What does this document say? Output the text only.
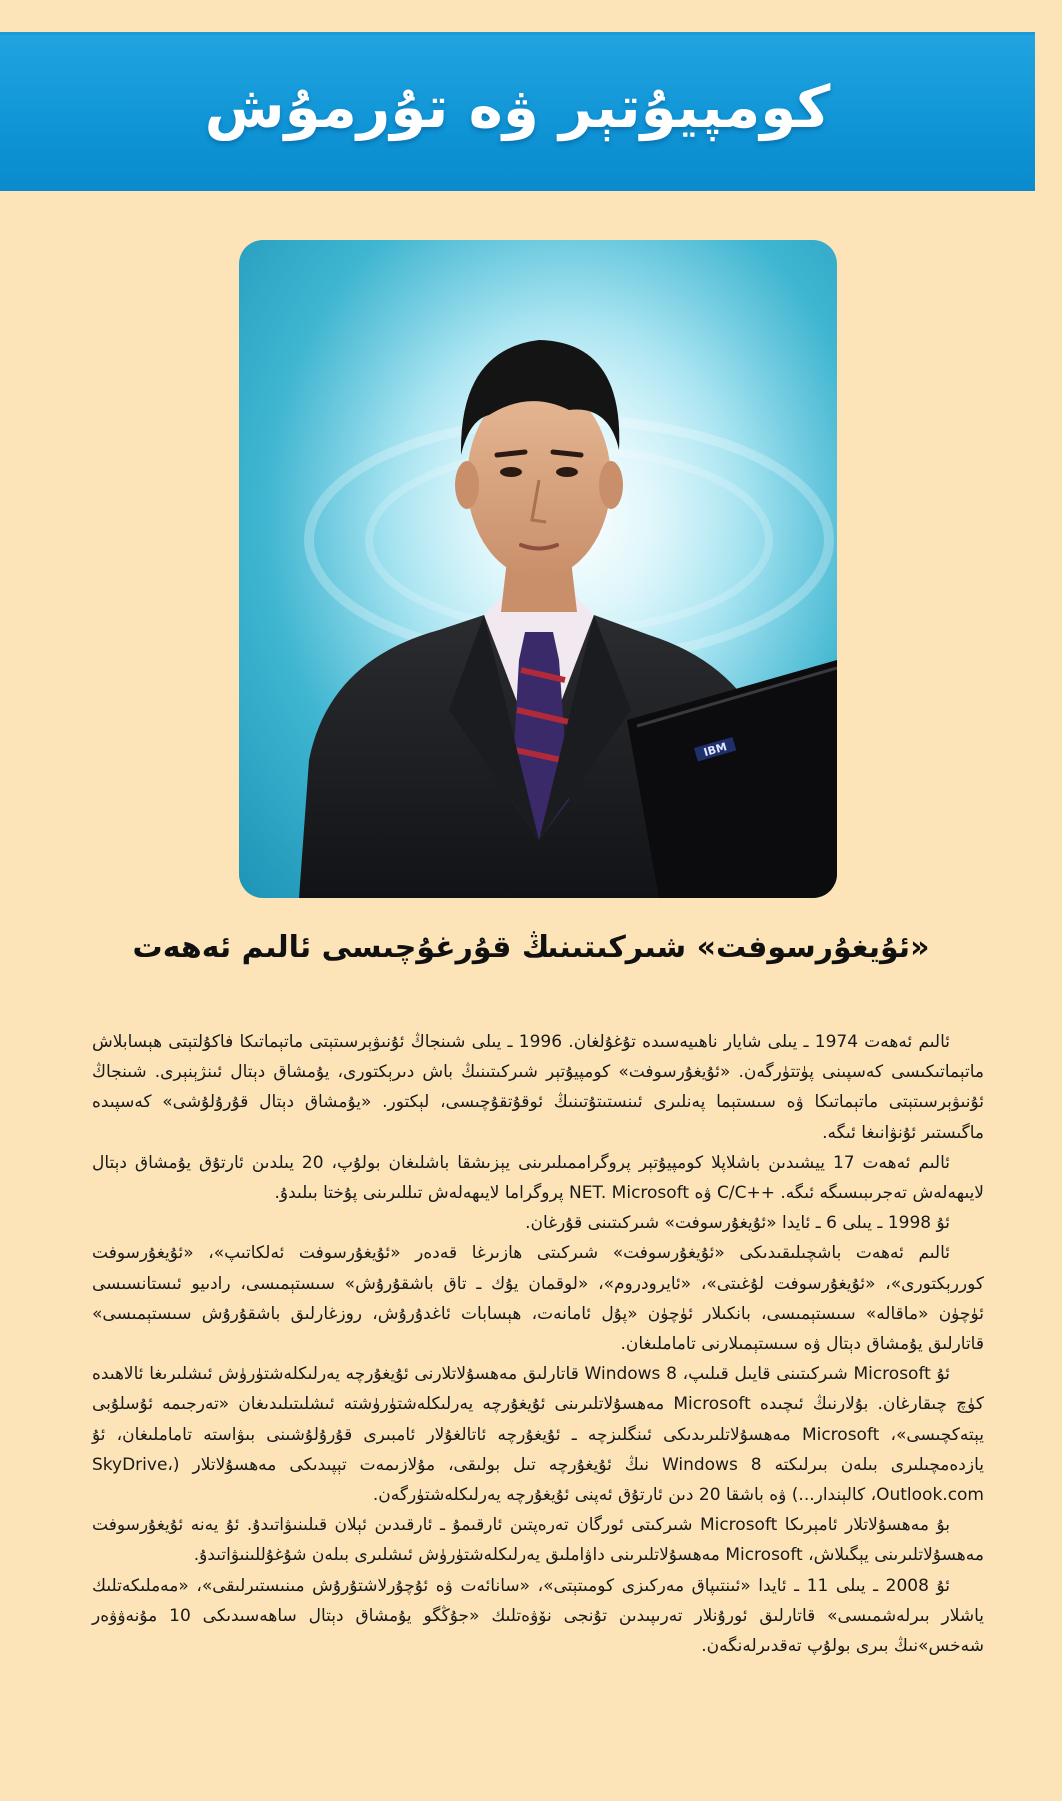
كومپيۇتېر ۋە تۇرمۇش
IBM
«ئۇيغۇرسوفت» شىركىتىنىڭ قۇرغۇچىسى ئالىم ئەھەت

ئالىم ئەھەت 1974 ـ يىلى شايار ناھىيەسىدە تۇغۇلغان. 1996 ـ يىلى شىنجاڭ ئۇنىۋېرسىتېتى ماتېماتىكا فاكۇلتېتى ھېسابلاش ماتېماتىكىسى كەسپىنى پۈتتۈرگەن. «ئۇيغۇرسوفت» كومپيۇتېر شىركىتىنىڭ باش دىرېكتورى، يۇمشاق دېتال ئىنژېنېرى. شىنجاڭ ئۇنىۋېرسىتېتى ماتېماتىكا ۋە سىستېما پەنلىرى ئىنستىتۇتىنىڭ ئوقۇتقۇچىسى، لېكتور. «يۇمشاق دېتال قۇرۇلۇشى» كەسپىدە ماگىستىر ئۇنۋانىغا ئىگە.

ئالىم ئەھەت 17 ييشىدىن باشلاپلا كومپيۇتېر پروگراممىلىرىنى يېزىشقا باشلىغان بولۇپ، 20 يىلدىن ئارتۇق يۇمشاق دېتال لايىھەلەش تەجرىبىسىگە ئىگە. ++C/C ۋە NET. Microsoft پروگراما لايىھەلەش تىللىرىنى پۇختا بىلىدۇ.

ئۇ 1998 ـ يىلى 6 ـ ئايدا «ئۇيغۇرسوفت» شىركىتىنى قۇرغان.

ئالىم ئەھەت باشچىلىقىدىكى «ئۇيغۇرسوفت» شىركىتى ھازىرغا قەدەر «ئۇيغۇرسوفت ئەلكاتىپ»، «ئۇيغۇرسوفت كوررېكتورى»، «ئۇيغۇرسوفت لۇغىتى»، «ئايرودروم»، «لوقمان يۇك ـ تاق باشقۇرۇش» سىستېمىسى، رادىيو ئىستانسىسى ئۈچۈن «ماقالە» سىستېمىسى، بانكىلار ئۈچۈن «پۇل ئامانەت، ھېسابات ئاغدۇرۇش، روزغارلىق باشقۇرۇش سىستېمىسى» قاتارلىق يۇمشاق دېتال ۋە سىستېمىلارنى تاماملىغان.

ئۇ Microsoft شىركىتىنى قايىل قىلىپ، Windows 8 قاتارلىق مەھسۇلاتلارنى ئۇيغۇرچە يەرلىكلەشتۈرۈش ئىشلىرىغا ئالاھىدە كۈچ چىقارغان. بۇلارنىڭ ئىچىدە Microsoft مەھسۇلاتلىرىنى ئۇيغۇرچە يەرلىكلەشتۈرۈشتە ئىشلىتىلىدىغان «تەرجىمە ئۇسلۇبى يېتەكچىسى»، Microsoft مەھسۇلاتلىرىدىكى ئىنگلىزچە ـ ئۇيغۇرچە ئاتالغۇلار ئامبىرى قۇرۇلۇشىنى بىۋاستە تاماملىغان، ئۇ يازدەمچىلىرى بىلەن بىرلىكتە Windows 8 نىڭ ئۇيغۇرچە تىل بولىقى، مۇلازىمەت تېپىدىكى مەھسۇلاتلار (SkyDrive، Outlook.com، كالېندار...) ۋە باشقا 20 دىن ئارتۇق ئەپنى ئۇيغۇرچە يەرلىكلەشتۈرگەن.

بۇ مەھسۇلاتلار ئامېرىكا Microsoft شىركىتى ئورگان تەرەپتىن ئارقىمۇ ـ ئارقىدىن ئېلان قىلىنىۋاتىدۇ. ئۇ يەنە ئۇيغۇرسوفت مەھسۇلاتلىرىنى يېگىلاش، Microsoft مەھسۇلاتلىرىنى داۋاملىق يەرلىكلەشتۈرۈش ئىشلىرى بىلەن شۇغۇللىنىۋاتىدۇ.

ئۇ 2008 ـ يىلى 11 ـ ئايدا «ئىنتىپاق مەركىزى كومىتېتى»، «سانائەت ۋە ئۇچۇرلاشتۇرۇش مىنىستىرلىقى»، «مەملىكەتلىك ياشلار بىرلەشمىسى» قاتارلىق ئورۇنلار تەرىپىدىن تۇنجى نۆۋەتلىك «جۇڭگو يۇمشاق دېتال ساھەسىدىكى 10 مۇنەۋۋەر شەخس»نىڭ بىرى بولۇپ تەقدىرلەنگەن.
